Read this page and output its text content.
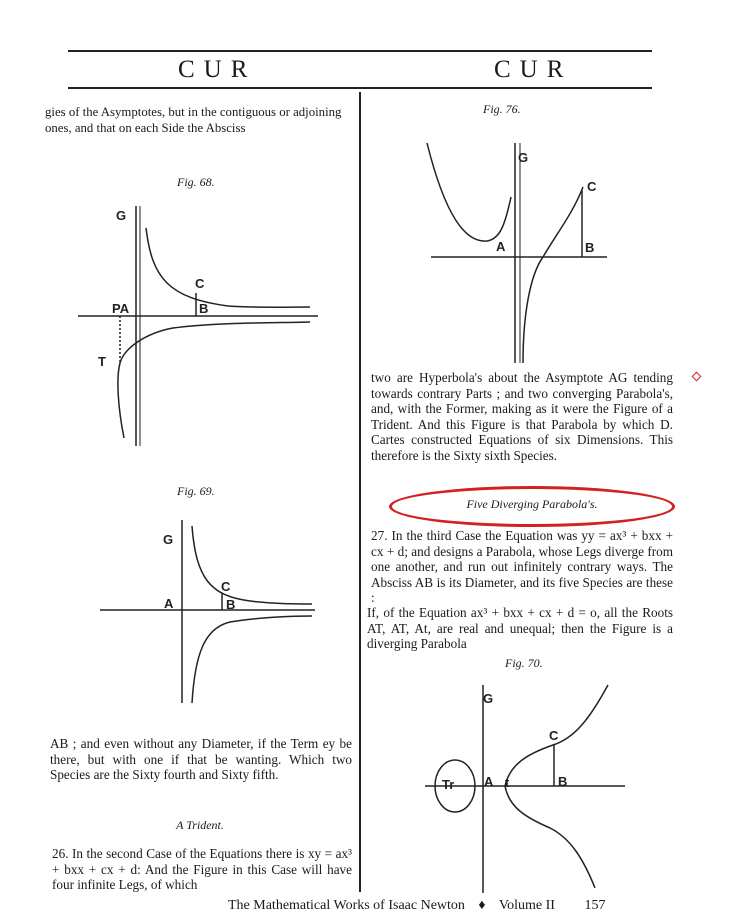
CUR	CUR
gies of the Asymptotes, but in the contiguous or adjoining ones, and that on each Side the Absciss
Fig. 68.
G
C
PA	B
T
Fig. 69.
G
A
C
B
AB ; and even without any Diameter, if the Term ey be there, but with one if that be wanting. Which two Species are the Sixty fourth and Sixty fifth.
A Trident.
26. In the second Case of the Equations there is xy = ax³ + bxx + cx + d: And the Figure in this Case will have four infinite Legs, of which
Fig. 76.
G
C
A	B
two are Hyperbola's about the Asymptote AG tending towards contrary Parts ; and two converging Parabola's, and, with the Former, making as it were the Figure of a Trident. And this Figure is that Parabola by which D. Cartes constructed Equations of six Dimensions. This therefore is the Sixty sixth Species.
Five Diverging Parabola's.
27. In the third Case the Equation was yy = ax³ + bxx + cx + d; and designs a Parabola, whose Legs diverge from one another, and run out infinitely contrary ways. The Absciss AB is its Diameter, and its five Species are these :
If, of the Equation ax³ + bxx + cx + d = o, all the Roots AT, AT, At, are real and unequal; then the Figure is a diverging Parabola
Fig. 70.
G
C
Tr A t	B
The Mathematical Works of Isaac Newton ♦ Volume II 157
